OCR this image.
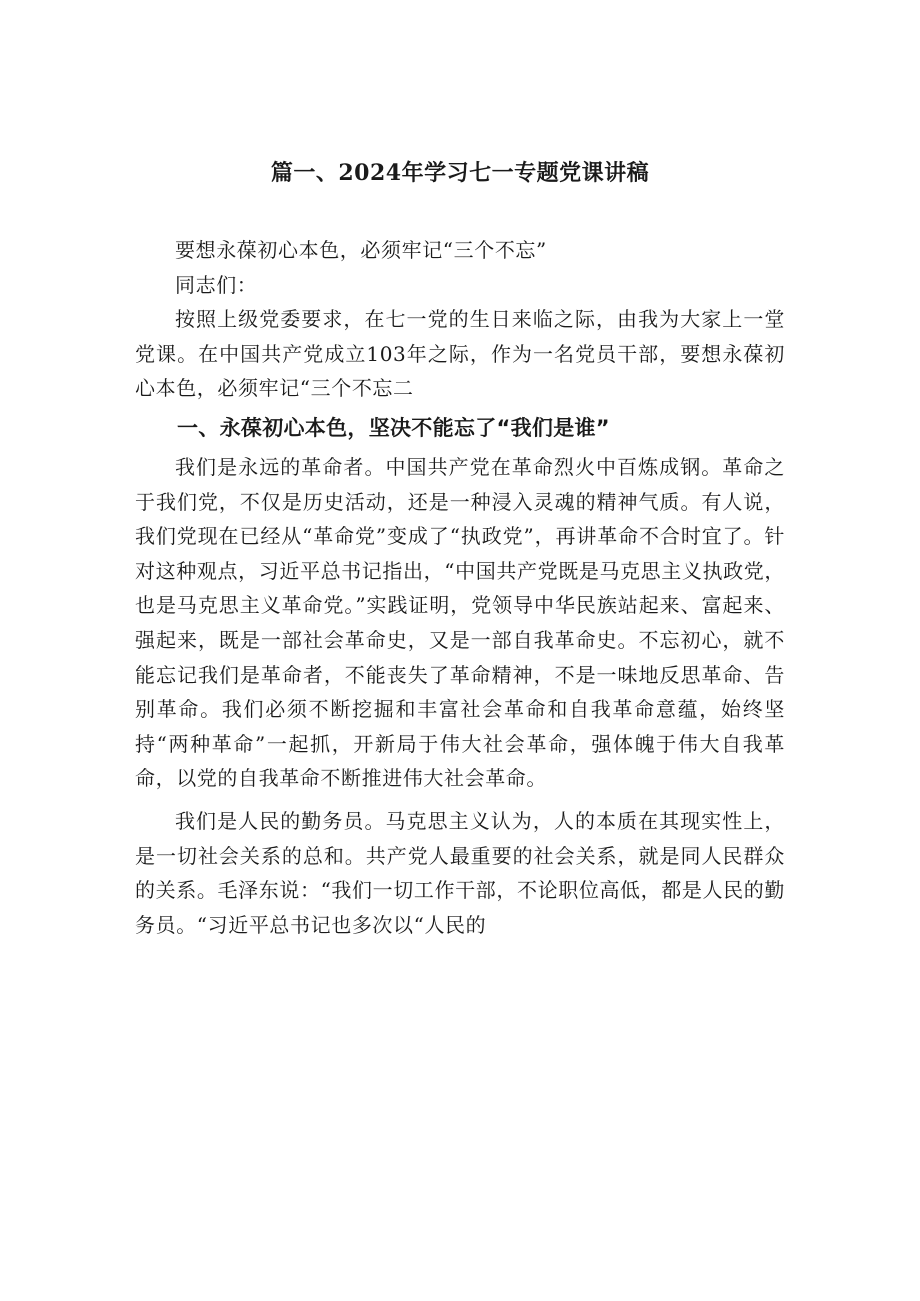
篇一、2024年学习七一专题党课讲稿

要想永葆初心本色，必须牢记“三个不忘”

同志们：

按照上级党委要求，在七一党的生日来临之际，由我为大家上一堂党课。在中国共产党成立103年之际，作为一名党员干部，要想永葆初心本色，必须牢记“三个不忘二

一、永葆初心本色，坚决不能忘了“我们是谁”

我们是永远的革命者。中国共产党在革命烈火中百炼成钢。革命之于我们党，不仅是历史活动，还是一种浸入灵魂的精神气质。有人说，我们党现在已经从“革命党”变成了“执政党”，再讲革命不合时宜了。针对这种观点，习近平总书记指出，“中国共产党既是马克思主义执政党，也是马克思主义革命党。”实践证明，党领导中华民族站起来、富起来、强起来，既是一部社会革命史，又是一部自我革命史。不忘初心，就不能忘记我们是革命者，不能丧失了革命精神，不是一味地反思革命、告别革命。我们必须不断挖掘和丰富社会革命和自我革命意蕴，始终坚持“两种革命”一起抓，开新局于伟大社会革命，强体魄于伟大自我革命，以党的自我革命不断推进伟大社会革命。

我们是人民的勤务员。马克思主义认为，人的本质在其现实性上，是一切社会关系的总和。共产党人最重要的社会关系，就是同人民群众的关系。毛泽东说：“我们一切工作干部，不论职位高低，都是人民的勤务员。“习近平总书记也多次以“人民的
